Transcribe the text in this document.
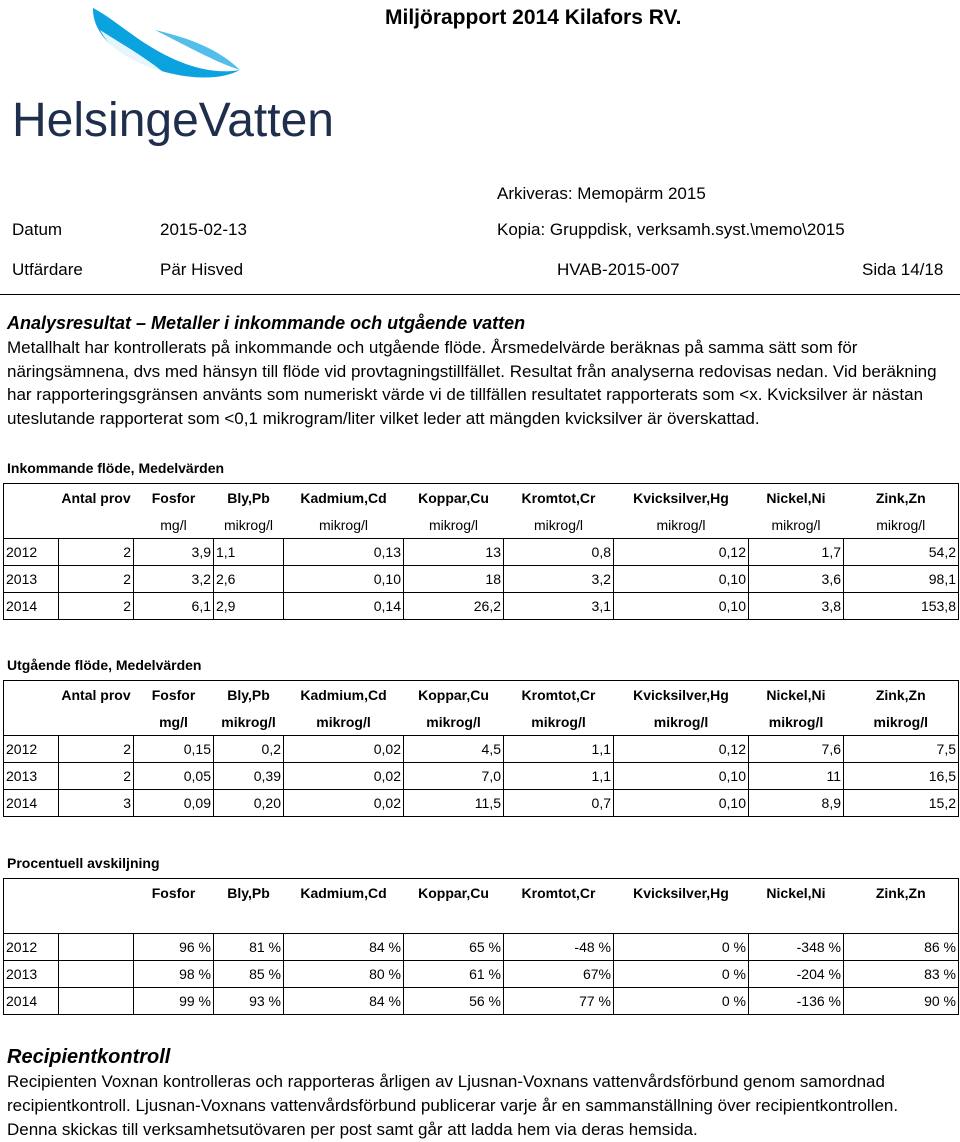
HelsingeVatten
Miljörapport 2014 Kilafors RV.
Arkiveras: Memopärm 2015
Datum	2015-02-13	Kopia: Gruppdisk, verksamh.syst.\memo\2015
Utfärdare	Pär Hisved	HVAB-2015-007	Sida 14/18
Analysresultat – Metaller i inkommande och utgående vatten

Metallhalt har kontrollerats på inkommande och utgående flöde. Årsmedelvärde beräknas på samma sätt som för näringsämnena, dvs med hänsyn till flöde vid provtagningstillfället. Resultat från analyserna redovisas nedan. Vid beräkning har rapporteringsgränsen använts som numeriskt värde vi de tillfällen resultatet rapporterats som <x. Kvicksilver är nästan uteslutande rapporterat som <0,1 mikrogram/liter vilket leder att mängden kvicksilver är överskattad.

Inkommande flöde, Medelvärden
	Antal prov	Fosfor	Bly,Pb	Kadmium,Cd	Koppar,Cu	Kromtot,Cr	Kvicksilver,Hg	Nickel,Ni	Zink,Zn
		mg/l	mikrog/l	mikrog/l	mikrog/l	mikrog/l	mikrog/l	mikrog/l	mikrog/l
2012	2	3,9	1,1	0,13	13	0,8	0,12	1,7	54,2
2013	2	3,2	2,6	0,10	18	3,2	0,10	3,6	98,1
2014	2	6,1	2,9	0,14	26,2	3,1	0,10	3,8	153,8
Utgående flöde, Medelvärden
	Antal prov	Fosfor	Bly,Pb	Kadmium,Cd	Koppar,Cu	Kromtot,Cr	Kvicksilver,Hg	Nickel,Ni	Zink,Zn
		mg/l	mikrog/l	mikrog/l	mikrog/l	mikrog/l	mikrog/l	mikrog/l	mikrog/l
2012	2	0,15	0,2	0,02	4,5	1,1	0,12	7,6	7,5
2013	2	0,05	0,39	0,02	7,0	1,1	0,10	11	16,5
2014	3	0,09	0,20	0,02	11,5	0,7	0,10	8,9	15,2
Procentuell avskiljning
		Fosfor	Bly,Pb	Kadmium,Cd	Koppar,Cu	Kromtot,Cr	Kvicksilver,Hg	Nickel,Ni	Zink,Zn

2012		96 %	81 %	84 %	65 %	-48 %	0 %	-348 %	86 %
2013		98 %	85 %	80 %	61 %	67%	0 %	-204 %	83 %
2014		99 %	93 %	84 %	56 %	77 %	0 %	-136 %	90 %
Recipientkontroll

Recipienten Voxnan kontrolleras och rapporteras årligen av Ljusnan-Voxnans vattenvårdsförbund genom samordnad recipientkontroll. Ljusnan-Voxnans vattenvårdsförbund publicerar varje år en sammanställning över recipientkontrollen. Denna skickas till verksamhetsutövaren per post samt går att ladda hem via deras hemsida.
